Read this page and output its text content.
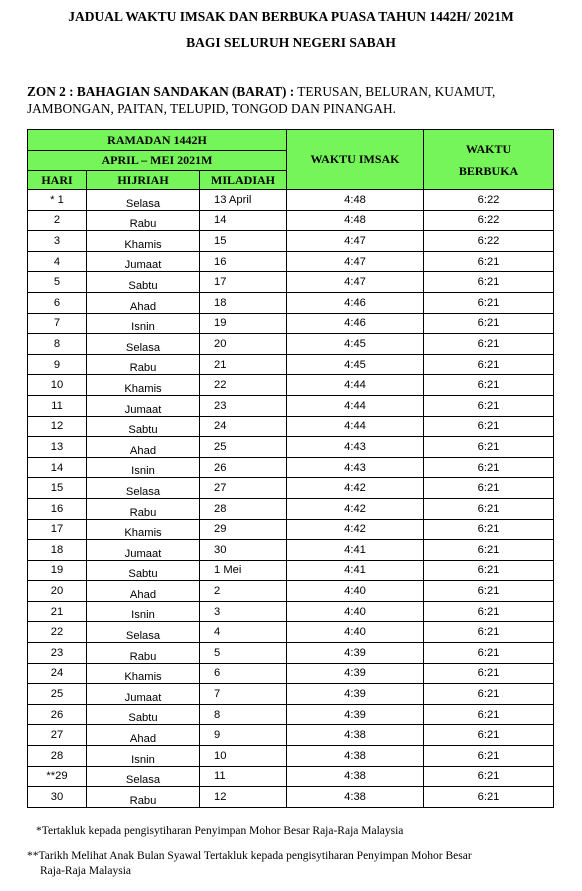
JADUAL WAKTU IMSAK DAN BERBUKA PUASA TAHUN 1442H/ 2021M
BAGI SELURUH NEGERI SABAH
ZON 2 : BAHAGIAN SANDAKAN (BARAT) : TERUSAN, BELURAN, KUAMUT, JAMBONGAN, PAITAN, TELUPID, TONGOD DAN PINANGAH.
RAMADAN 1442H			WAKTU IMSAK	WAKTU
BERBUKA
APRIL – MEI 2021M				
HARI	HIJRIAH	MILADIAH		
* 1	Selasa	13 April	4:48	6:22
2	Rabu	14	4:48	6:22
3	Khamis	15	4:47	6:22
4	Jumaat	16	4:47	6:21
5	Sabtu	17	4:47	6:21
6	Ahad	18	4:46	6:21
7	Isnin	19	4:46	6:21
8	Selasa	20	4:45	6:21
9	Rabu	21	4:45	6:21
10	Khamis	22	4:44	6:21
11	Jumaat	23	4:44	6:21
12	Sabtu	24	4:44	6:21
13	Ahad	25	4:43	6:21
14	Isnin	26	4:43	6:21
15	Selasa	27	4:42	6:21
16	Rabu	28	4:42	6:21
17	Khamis	29	4:42	6:21
18	Jumaat	30	4:41	6:21
19	Sabtu	1 Mei	4:41	6:21
20	Ahad	2	4:40	6:21
21	Isnin	3	4:40	6:21
22	Selasa	4	4:40	6:21
23	Rabu	5	4:39	6:21
24	Khamis	6	4:39	6:21
25	Jumaat	7	4:39	6:21
26	Sabtu	8	4:39	6:21
27	Ahad	9	4:38	6:21
28	Isnin	10	4:38	6:21
**29	Selasa	11	4:38	6:21
30	Rabu	12	4:38	6:21
*Tertakluk kepada pengisytiharan Penyimpan Mohor Besar Raja-Raja Malaysia
**Tarikh Melihat Anak Bulan Syawal Tertakluk kepada pengisytiharan Penyimpan Mohor Besar
Raja-Raja Malaysia
